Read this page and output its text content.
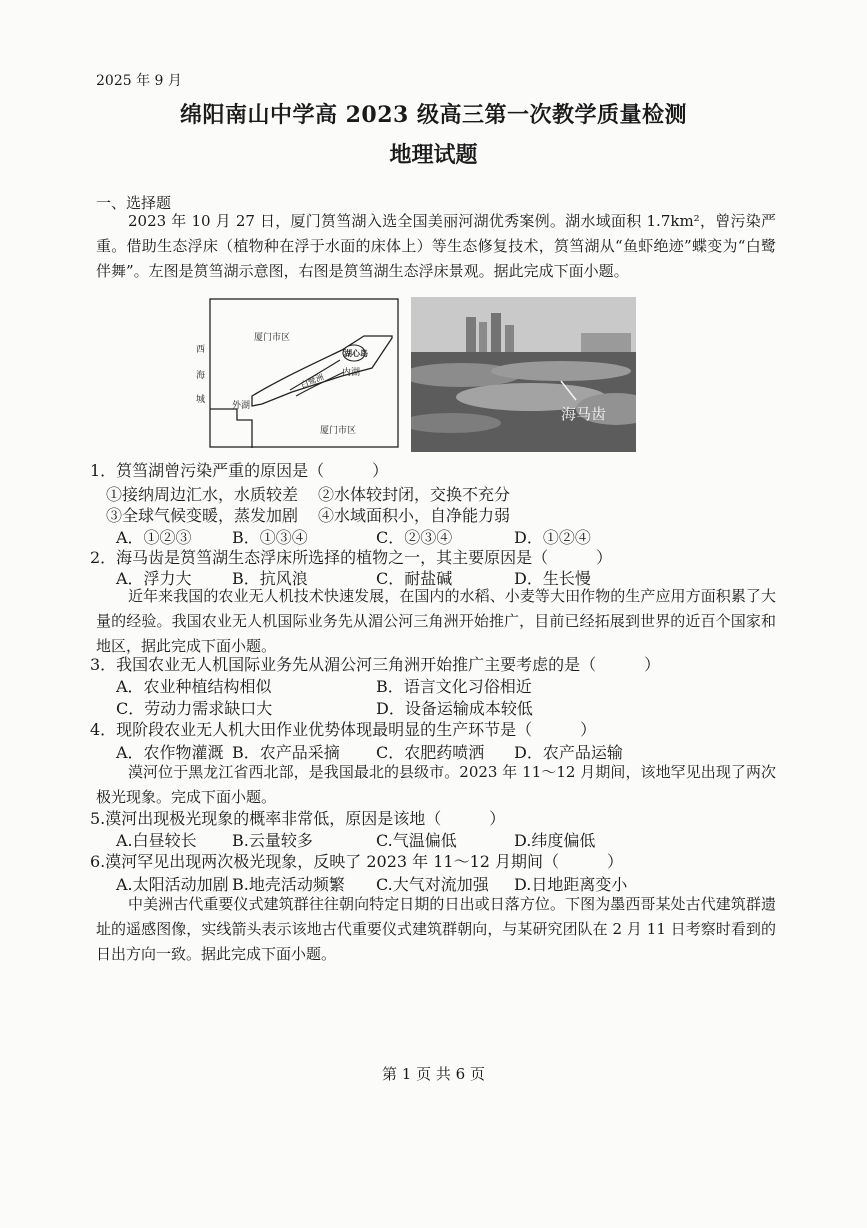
2025 年 9 月
绵阳南山中学高 2023 级高三第一次教学质量检测
地理试题
一、选择题
2023 年 10 月 27 日，厦门筼筜湖入选全国美丽河湖优秀案例。湖水域面积 1.7km²，曾污染严重。借助生态浮床（植物种在浮于水面的床体上）等生态修复技术，筼筜湖从“鱼虾绝迹”蝶变为“白鹭伴舞”。左图是筼筜湖示意图，右图是筼筜湖生态浮床景观。据此完成下面小题。
厦门市区
厦门市区
西
海
城
外湖
白鹭洲
湖心岛
内湖
海马齿
1．筼筜湖曾污染严重的原因是（　　　）
①接纳周边汇水，水质较差 ②水体较封闭，交换不充分
③全球气候变暖，蒸发加剧 ④水域面积小，自净能力弱
A．①②③	B．①③④	C．②③④	D．①②④
2．海马齿是筼筜湖生态浮床所选择的植物之一，其主要原因是（　　　）
A．浮力大	B．抗风浪	C．耐盐碱	D．生长慢
近年来我国的农业无人机技术快速发展，在国内的水稻、小麦等大田作物的生产应用方面积累了大量的经验。我国农业无人机国际业务先从湄公河三角洲开始推广，目前已经拓展到世界的近百个国家和地区，据此完成下面小题。
3．我国农业无人机国际业务先从湄公河三角洲开始推广主要考虑的是（　　　）
A．农业种植结构相似	B．语言文化习俗相近
C．劳动力需求缺口大	D．设备运输成本较低
4．现阶段农业无人机大田作业优势体现最明显的生产环节是（　　　）
A．农作物灌溉 B．农产品采摘 C．农肥药喷洒 D．农产品运输
漠河位于黑龙江省西北部，是我国最北的县级市。2023 年 11～12 月期间，该地罕见出现了两次极光现象。完成下面小题。
5.漠河出现极光现象的概率非常低，原因是该地（　　　）
A.白昼较长 B.云量较多	C.气温偏低	D.纬度偏低
6.漠河罕见出现两次极光现象，反映了 2023 年 11～12 月期间（　　　）
A.太阳活动加剧 B.地壳活动频繁 C.大气对流加强 D.日地距离变小
中美洲古代重要仪式建筑群往往朝向特定日期的日出或日落方位。下图为墨西哥某处古代建筑群遗址的遥感图像，实线箭头表示该地古代重要仪式建筑群朝向，与某研究团队在 2 月 11 日考察时看到的日出方向一致。据此完成下面小题。
第 1 页 共 6 页
